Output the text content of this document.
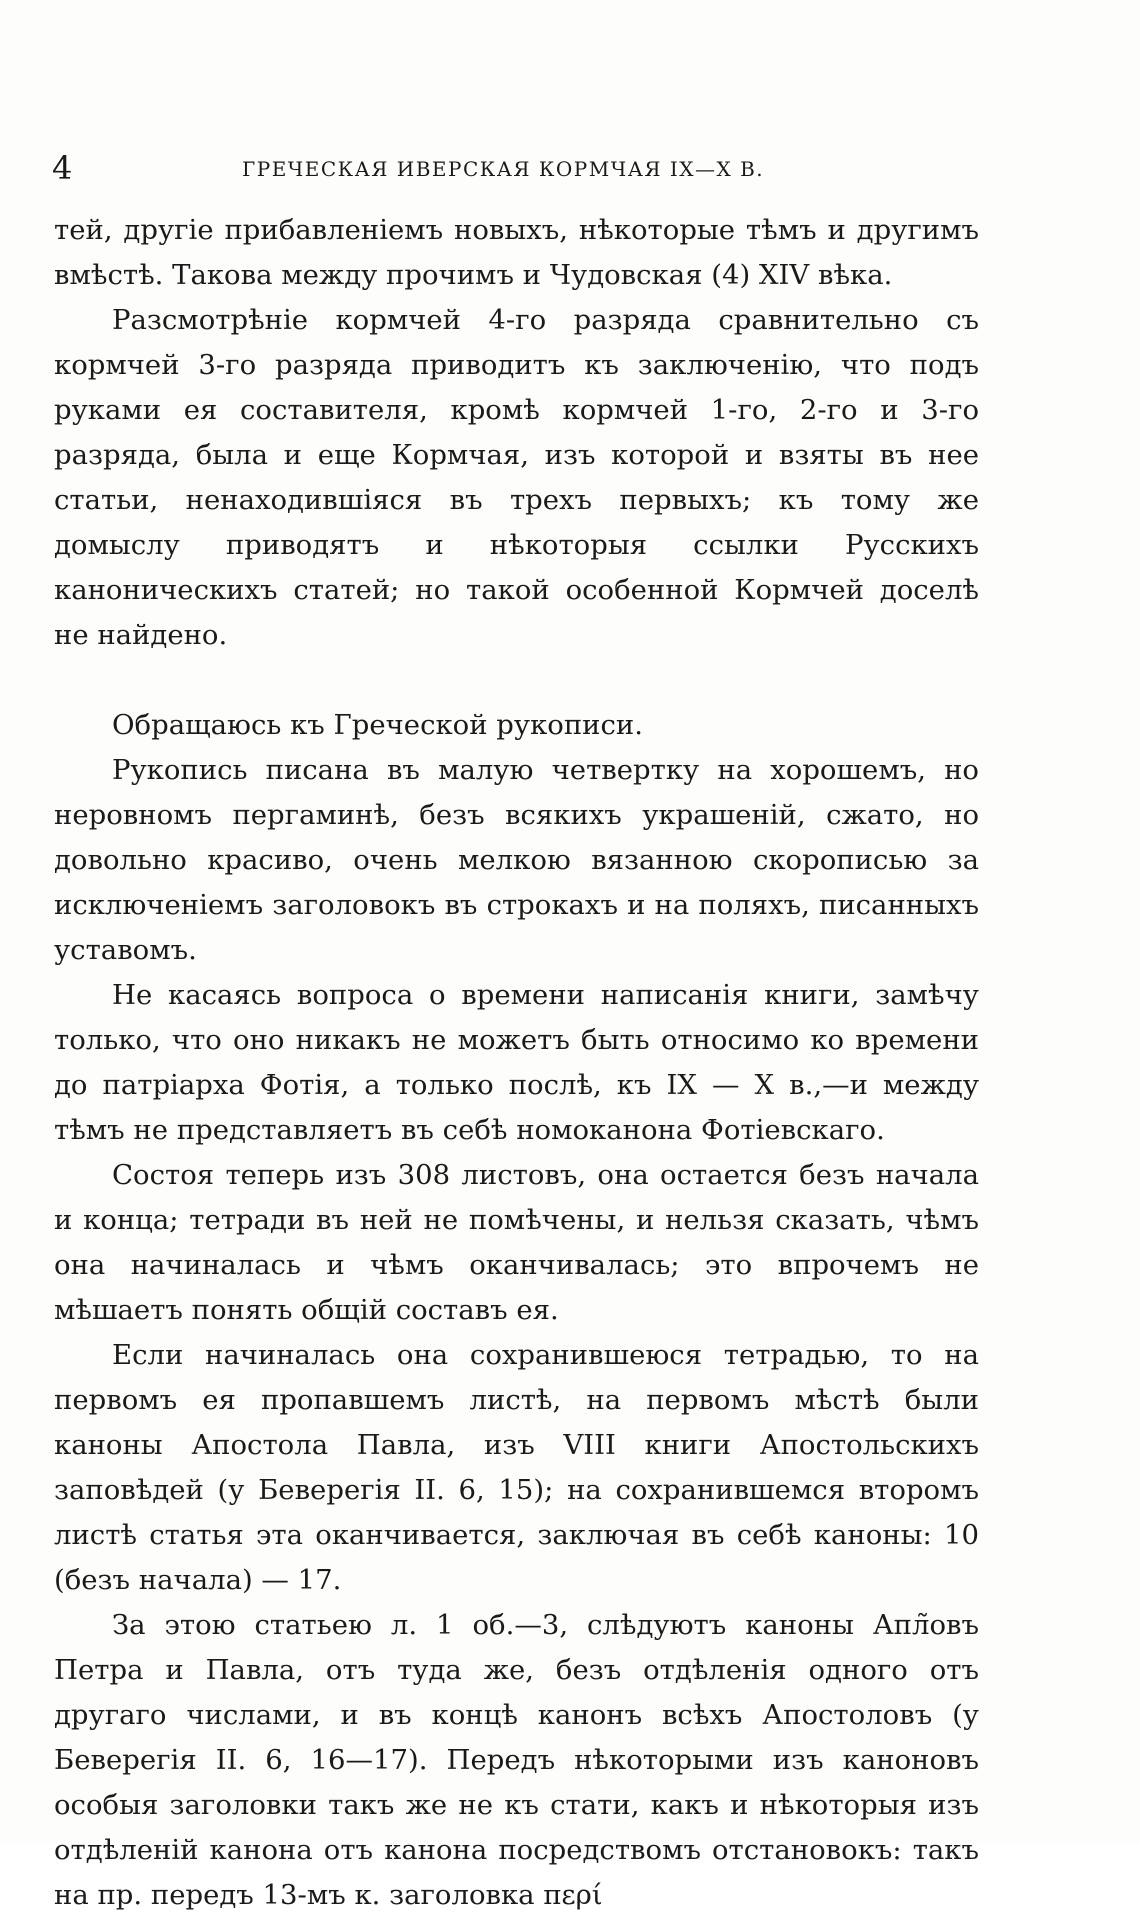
4	ГРЕЧЕСКАЯ ИВЕРСКАЯ КОРМЧАЯ IX—X В.

тей, другіе прибавленіемъ новыхъ, нѣкоторые тѣмъ и другимъ вмѣстѣ. Такова между прочимъ и Чудовская (4) XIV вѣка.

Разсмотрѣніе кормчей 4-го разряда сравнительно съ кормчей 3-го разряда приводитъ къ заключенію, что подъ руками ея составителя, кромѣ кормчей 1-го, 2-го и 3-го разряда, была и еще Кормчая, изъ которой и взяты въ нее статьи, ненаходившіяся въ трехъ первыхъ; къ тому же домыслу приводятъ и нѣкоторыя ссылки Русскихъ каноническихъ статей; но такой особенной Кормчей доселѣ не найдено.

Обращаюсь къ Греческой рукописи.

Рукопись писана въ малую четвертку на хорошемъ, но неровномъ пергаминѣ, безъ всякихъ украшеній, сжато, но довольно красиво, очень мелкою вязанною скорописью за исключеніемъ заголовокъ въ строкахъ и на поляхъ, писанныхъ уставомъ.

Не касаясь вопроса о времени написанія книги, замѣчу только, что оно никакъ не можетъ быть относимо ко времени до патріарха Фотія, а только послѣ, къ IX — X в.,—и между тѣмъ не представляетъ въ себѣ номоканона Фотіевскаго.

Состоя теперь изъ 308 листовъ, она остается безъ начала и конца; тетради въ ней не помѣчены, и нельзя сказать, чѣмъ она начиналась и чѣмъ оканчивалась; это впрочемъ не мѣшаетъ понять общій составъ ея.

Если начиналась она сохранившеюся тетрадью, то на первомъ ея пропавшемъ листѣ, на первомъ мѣстѣ были каноны Апостола Павла, изъ VIII книги Апостольскихъ заповѣдей (у Беверегія II. 6, 15); на сохранившемся второмъ листѣ статья эта оканчивается, заключая въ себѣ каноны: 10 (безъ начала) — 17.

За этою статьею л. 1 об.—3, слѣдуютъ каноны Апл̃овъ Петра и Павла, отъ туда же, безъ отдѣленія одного отъ другаго числами, и въ концѣ канонъ всѣхъ Апостоловъ (у Беверегія II. 6, 16—17). Передъ нѣкоторыми изъ каноновъ особыя заголовки такъ же не къ стати, какъ и нѣкоторыя изъ отдѣленій канона отъ канона посредствомъ отстановокъ: такъ на пр. передъ 13-мъ к. заголовка περί
